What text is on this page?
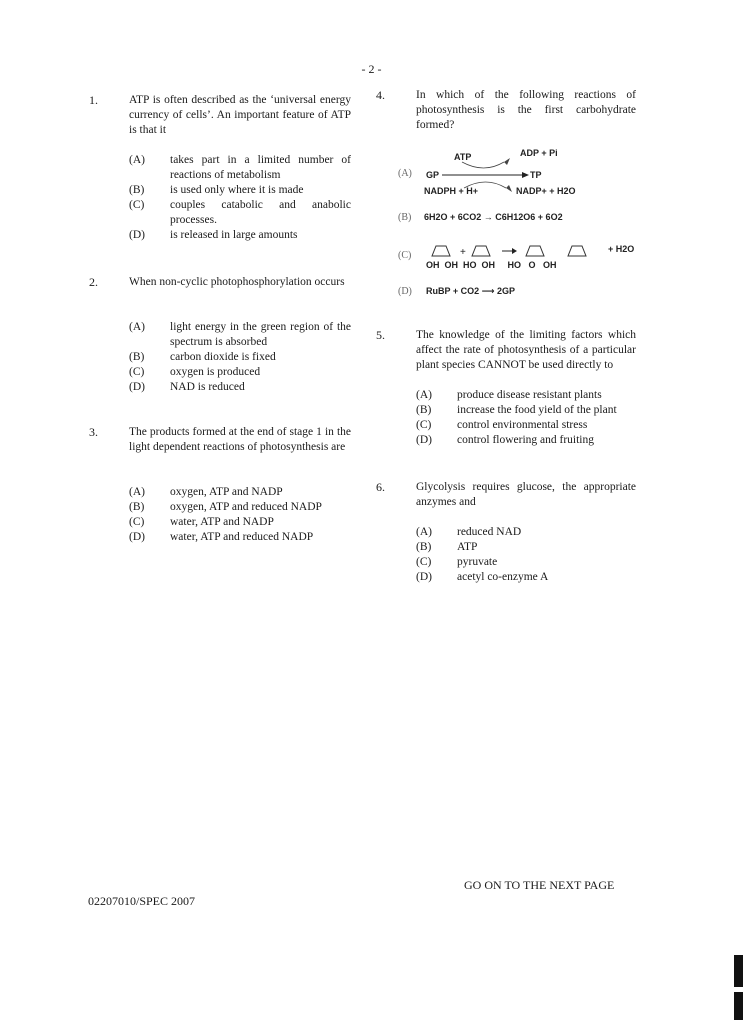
- 2 -
1.	ATP is often described as the ‘universal energy currency of cells’. An important feature of ATP is that it
(A) takes part in a limited number of reactions of metabolism
(B) is used only where it is made
(C) couples catabolic and anabolic processes.
(D) is released in large amounts
2.	When non-cyclic photophosphorylation occurs
(A) light energy in the green region of the spectrum is absorbed
(B) carbon dioxide is fixed
(C) oxygen is produced
(D) NAD is reduced
3.	The products formed at the end of stage 1 in the light dependent reactions of photosynthesis are
(A) oxygen, ATP and NADP
(B) oxygen, ATP and reduced NADP
(C) water, ATP and NADP
(D) water, ATP and reduced NADP
4.	In which of the following reactions of photosynthesis is the first carbohydrate formed?
(A)
ATP	ADP + Pi
GP	TP
NADPH + H+	NADP+ + H2O
(B) 6H2O + 6CO2 → C6H12O6 + 6O2
(C)	+	+ H2O
OH  OH  HO  OH     HO   O   OH
(D) RuBP + CO2 ⟶ 2GP
5.	The knowledge of the limiting factors which affect the rate of photosynthesis of a particular plant species CANNOT be used directly to
(A) produce disease resistant plants
(B) increase the food yield of the plant
(C) control environmental stress
(D) control flowering and fruiting
6.	Glycolysis requires glucose, the appropriate anzymes and
(A) reduced NAD
(B) ATP
(C) pyruvate
(D) acetyl co-enzyme A
GO ON TO THE NEXT PAGE
02207010/SPEC 2007
